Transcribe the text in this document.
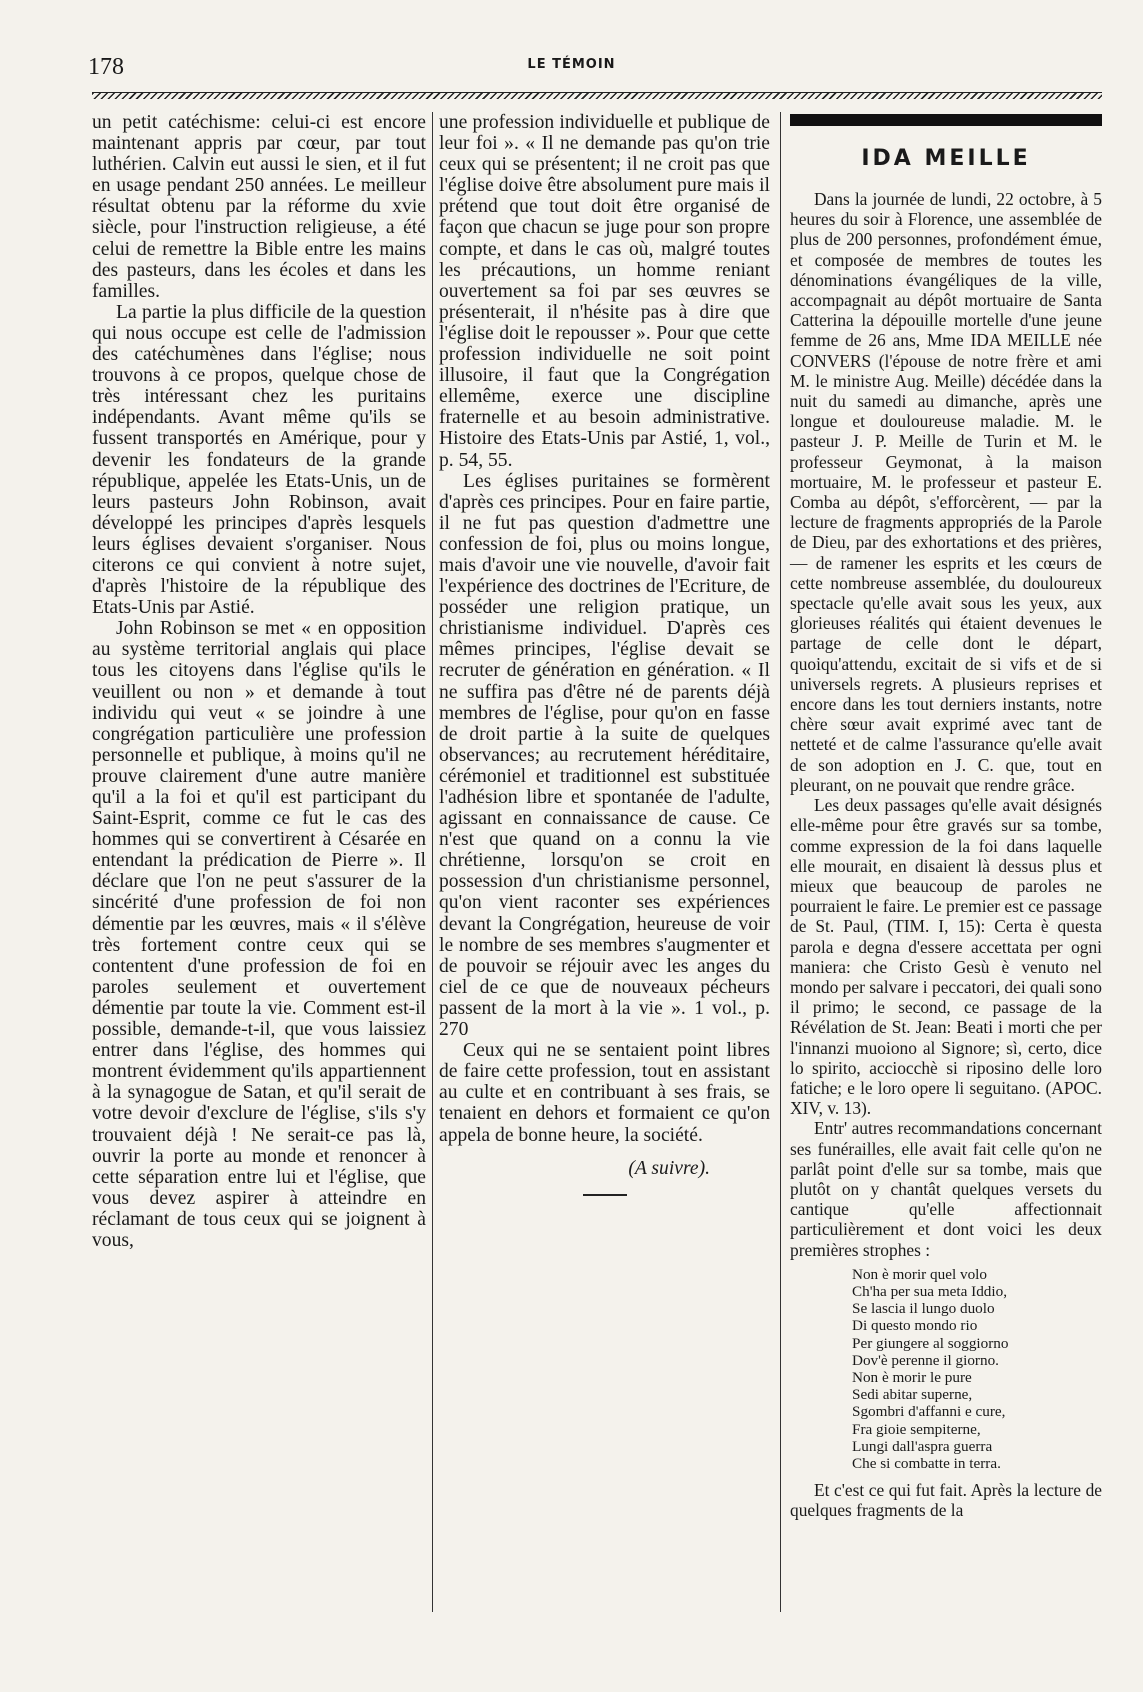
178	LE TÉMOIN

un petit catéchisme: celui-ci est encore maintenant appris par cœur, par tout luthérien. Calvin eut aussi le sien, et il fut en usage pendant 250 années. Le meilleur résultat obtenu par la réforme du xvie siècle, pour l'instruction religieuse, a été celui de remettre la Bible entre les mains des pasteurs, dans les écoles et dans les familles.

La partie la plus difficile de la question qui nous occupe est celle de l'admission des catéchumènes dans l'église; nous trouvons à ce propos, quelque chose de très intéressant chez les puritains indépendants. Avant même qu'ils se fussent transportés en Amérique, pour y devenir les fondateurs de la grande république, appelée les Etats-Unis, un de leurs pasteurs John Robinson, avait développé les principes d'après lesquels leurs églises devaient s'organiser. Nous citerons ce qui convient à notre sujet, d'après l'histoire de la république des Etats-Unis par Astié.

John Robinson se met « en opposition au système territorial anglais qui place tous les citoyens dans l'église qu'ils le veuillent ou non » et demande à tout individu qui veut « se joindre à une congrégation particulière une profession personnelle et publique, à moins qu'il ne prouve clairement d'une autre manière qu'il a la foi et qu'il est participant du Saint-Esprit, comme ce fut le cas des hommes qui se convertirent à Césarée en entendant la prédication de Pierre ». Il déclare que l'on ne peut s'assurer de la sincérité d'une profession de foi non démentie par les œuvres, mais « il s'élève très fortement contre ceux qui se contentent d'une profession de foi en paroles seulement et ouvertement démentie par toute la vie. Comment est-il possible, demande-t-il, que vous laissiez entrer dans l'église, des hommes qui montrent évidemment qu'ils appartiennent à la synagogue de Satan, et qu'il serait de votre devoir d'exclure de l'église, s'ils s'y trouvaient déjà ! Ne serait-ce pas là, ouvrir la porte au monde et renoncer à cette séparation entre lui et l'église, que vous devez aspirer à atteindre en réclamant de tous ceux qui se joignent à vous,

une profession individuelle et publique de leur foi ». « Il ne demande pas qu'on trie ceux qui se présentent; il ne croit pas que l'église doive être absolument pure mais il prétend que tout doit être organisé de façon que chacun se juge pour son propre compte, et dans le cas où, malgré toutes les précautions, un homme reniant ouvertement sa foi par ses œuvres se présenterait, il n'hésite pas à dire que l'église doit le repousser ». Pour que cette profession individuelle ne soit point illusoire, il faut que la Congrégation ellemême, exerce une discipline fraternelle et au besoin administrative. Histoire des Etats-Unis par Astié, 1, vol., p. 54, 55.

Les églises puritaines se formèrent d'après ces principes. Pour en faire partie, il ne fut pas question d'admettre une confession de foi, plus ou moins longue, mais d'avoir une vie nouvelle, d'avoir fait l'expérience des doctrines de l'Ecriture, de posséder une religion pratique, un christianisme individuel. D'après ces mêmes principes, l'église devait se recruter de génération en génération. « Il ne suffira pas d'être né de parents déjà membres de l'église, pour qu'on en fasse de droit partie à la suite de quelques observances; au recrutement héréditaire, cérémoniel et traditionnel est substituée l'adhésion libre et spontanée de l'adulte, agissant en connaissance de cause. Ce n'est que quand on a connu la vie chrétienne, lorsqu'on se croit en possession d'un christianisme personnel, qu'on vient raconter ses expériences devant la Congrégation, heureuse de voir le nombre de ses membres s'augmenter et de pouvoir se réjouir avec les anges du ciel de ce que de nouveaux pécheurs passent de la mort à la vie ». 1 vol., p. 270

Ceux qui ne se sentaient point libres de faire cette profession, tout en assistant au culte et en contribuant à ses frais, se tenaient en dehors et formaient ce qu'on appela de bonne heure, la société.

(A suivre).
IDA MEILLE

Dans la journée de lundi, 22 octobre, à 5 heures du soir à Florence, une assemblée de plus de 200 personnes, profondément émue, et composée de membres de toutes les dénominations évangéliques de la ville, accompagnait au dépôt mortuaire de Santa Catterina la dépouille mortelle d'une jeune femme de 26 ans, Mme IDA MEILLE née CONVERS (l'épouse de notre frère et ami M. le ministre Aug. Meille) décédée dans la nuit du samedi au dimanche, après une longue et douloureuse maladie. M. le pasteur J. P. Meille de Turin et M. le professeur Geymonat, à la maison mortuaire, M. le professeur et pasteur E. Comba au dépôt, s'efforcèrent, — par la lecture de fragments appropriés de la Parole de Dieu, par des exhortations et des prières, — de ramener les esprits et les cœurs de cette nombreuse assemblée, du douloureux spectacle qu'elle avait sous les yeux, aux glorieuses réalités qui étaient devenues le partage de celle dont le départ, quoiqu'attendu, excitait de si vifs et de si universels regrets. A plusieurs reprises et encore dans les tout derniers instants, notre chère sœur avait exprimé avec tant de netteté et de calme l'assurance qu'elle avait de son adoption en J. C. que, tout en pleurant, on ne pouvait que rendre grâce.

Les deux passages qu'elle avait désignés elle-même pour être gravés sur sa tombe, comme expression de la foi dans laquelle elle mourait, en disaient là dessus plus et mieux que beaucoup de paroles ne pourraient le faire. Le premier est ce passage de St. Paul, (TIM. I, 15): Certa è questa parola e degna d'essere accettata per ogni maniera: che Cristo Gesù è venuto nel mondo per salvare i peccatori, dei quali sono il primo; le second, ce passage de la Révélation de St. Jean: Beati i morti che per l'innanzi muoiono al Signore; sì, certo, dice lo spirito, acciocchè si riposino delle loro fatiche; e le loro opere li seguitano. (APOC. XIV, v. 13).

Entr' autres recommandations concernant ses funérailles, elle avait fait celle qu'on ne parlât point d'elle sur sa tombe, mais que plutôt on y chantât quelques versets du cantique qu'elle affectionnait particulièrement et dont voici les deux premières strophes :

Non è morir quel volo
Ch'ha per sua meta Iddio,
Se lascia il lungo duolo
Di questo mondo rio
Per giungere al soggiorno
Dov'è perenne il giorno.
Non è morir le pure
Sedi abitar superne,
Sgombri d'affanni e cure,
Fra gioie sempiterne,
Lungi dall'aspra guerra
Che si combatte in terra.

Et c'est ce qui fut fait. Après la lecture de quelques fragments de la
